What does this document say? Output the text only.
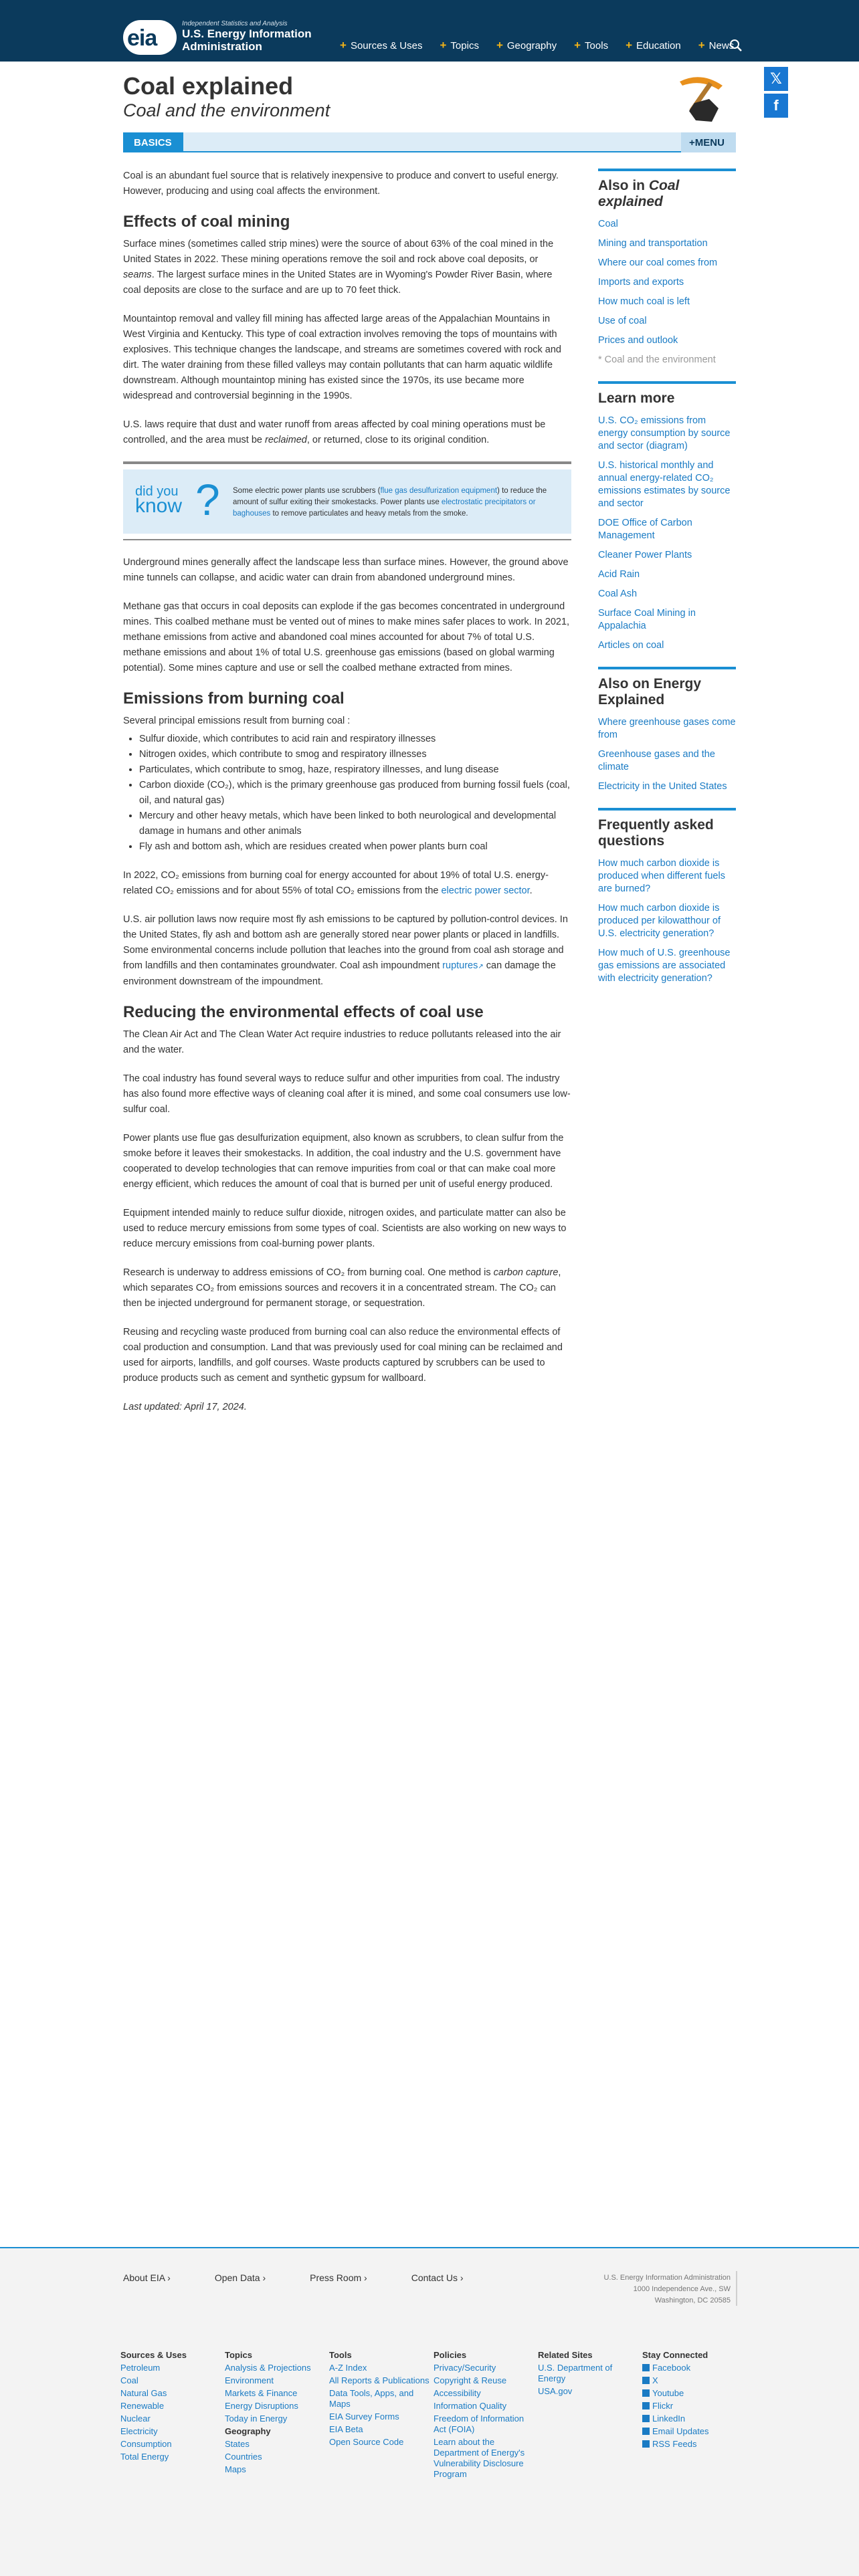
eia
Independent Statistics and Analysis
U.S. Energy Information
Administration	+ Sources & Uses + Topics + Geography + Tools + Education + News
Coal explained
Coal and the environment
𝕏
f
BASICS	+MENU

Coal is an abundant fuel source that is relatively inexpensive to produce and convert to useful energy. However, producing and using coal affects the environment.

Effects of coal mining

Surface mines (sometimes called strip mines) were the source of about 63% of the coal mined in the United States in 2022. These mining operations remove the soil and rock above coal deposits, or seams. The largest surface mines in the United States are in Wyoming's Powder River Basin, where coal deposits are close to the surface and are up to 70 feet thick.

Mountaintop removal and valley fill mining has affected large areas of the Appalachian Mountains in West Virginia and Kentucky. This type of coal extraction involves removing the tops of mountains with explosives. This technique changes the landscape, and streams are sometimes covered with rock and dirt. The water draining from these filled valleys may contain pollutants that can harm aquatic wildlife downstream. Although mountaintop mining has existed since the 1970s, its use became more widespread and controversial beginning in the 1990s.

U.S. laws require that dust and water runoff from areas affected by coal mining operations must be controlled, and the area must be reclaimed, or returned, close to its original condition.

did you
know ? Some electric power plants use scrubbers (flue gas desulfurization equipment) to reduce the amount of sulfur exiting their smokestacks. Power plants use electrostatic precipitators or baghouses to remove particulates and heavy metals from the smoke.

Underground mines generally affect the landscape less than surface mines. However, the ground above mine tunnels can collapse, and acidic water can drain from abandoned underground mines.

Methane gas that occurs in coal deposits can explode if the gas becomes concentrated in underground mines. This coalbed methane must be vented out of mines to make mines safer places to work. In 2021, methane emissions from active and abandoned coal mines accounted for about 7% of total U.S. methane emissions and about 1% of total U.S. greenhouse gas emissions (based on global warming potential). Some mines capture and use or sell the coalbed methane extracted from mines.

Emissions from burning coal

Several principal emissions result from burning coal :

• Sulfur dioxide, which contributes to acid rain and respiratory illnesses
• Nitrogen oxides, which contribute to smog and respiratory illnesses
• Particulates, which contribute to smog, haze, respiratory illnesses, and lung disease
• Carbon dioxide (CO₂), which is the primary greenhouse gas produced from burning fossil fuels (coal, oil, and natural gas)
• Mercury and other heavy metals, which have been linked to both neurological and developmental damage in humans and other animals
• Fly ash and bottom ash, which are residues created when power plants burn coal

In 2022, CO₂ emissions from burning coal for energy accounted for about 19% of total U.S. energy-related CO₂ emissions and for about 55% of total CO₂ emissions from the electric power sector.

U.S. air pollution laws now require most fly ash emissions to be captured by pollution-control devices. In the United States, fly ash and bottom ash are generally stored near power plants or placed in landfills. Some environmental concerns include pollution that leaches into the ground from coal ash storage and from landfills and then contaminates groundwater. Coal ash impoundment ruptures↗ can damage the environment downstream of the impoundment.

Reducing the environmental effects of coal use

The Clean Air Act and The Clean Water Act require industries to reduce pollutants released into the air and the water.

The coal industry has found several ways to reduce sulfur and other impurities from coal. The industry has also found more effective ways of cleaning coal after it is mined, and some coal consumers use low-sulfur coal.

Power plants use flue gas desulfurization equipment, also known as scrubbers, to clean sulfur from the smoke before it leaves their smokestacks. In addition, the coal industry and the U.S. government have cooperated to develop technologies that can remove impurities from coal or that can make coal more energy efficient, which reduces the amount of coal that is burned per unit of useful energy produced.

Equipment intended mainly to reduce sulfur dioxide, nitrogen oxides, and particulate matter can also be used to reduce mercury emissions from some types of coal. Scientists are also working on new ways to reduce mercury emissions from coal-burning power plants.

Research is underway to address emissions of CO₂ from burning coal. One method is carbon capture, which separates CO₂ from emissions sources and recovers it in a concentrated stream. The CO₂ can then be injected underground for permanent storage, or sequestration.

Reusing and recycling waste produced from burning coal can also reduce the environmental effects of coal production and consumption. Land that was previously used for coal mining can be reclaimed and used for airports, landfills, and golf courses. Waste products captured by scrubbers can be used to produce products such as cement and synthetic gypsum for wallboard.

Last updated: April 17, 2024.

Also in Coal explained
Coal
Mining and transportation
Where our coal comes from
Imports and exports
How much coal is left
Use of coal
Prices and outlook
* Coal and the environment
Learn more
U.S. CO₂ emissions from energy consumption by source and sector (diagram)
U.S. historical monthly and annual energy-related CO₂ emissions estimates by source and sector
DOE Office of Carbon Management
Cleaner Power Plants
Acid Rain
Coal Ash
Surface Coal Mining in Appalachia
Articles on coal
Also on Energy Explained
Where greenhouse gases come from
Greenhouse gases and the climate
Electricity in the United States
Frequently asked questions
How much carbon dioxide is produced when different fuels are burned?
How much carbon dioxide is produced per kilowatthour of U.S. electricity generation?
How much of U.S. greenhouse gas emissions are associated with electricity generation?
About EIA ›	Open Data ›	Press Room ›	Contact Us ›	U.S. Energy Information Administration
1000 Independence Ave., SW
Washington, DC 20585
Sources & Uses
Petroleum
Coal
Natural Gas
Renewable
Nuclear
Electricity
Consumption
Total Energy
Topics
Analysis & Projections
Environment
Markets & Finance
Energy Disruptions
Today in Energy
Geography
States
Countries
Maps
Tools
A-Z Index
All Reports & Publications
Data Tools, Apps, and Maps
EIA Survey Forms
EIA Beta
Open Source Code
Policies
Privacy/Security
Copyright & Reuse
Accessibility
Information Quality
Freedom of Information Act (FOIA)
Learn about the Department of Energy's Vulnerability Disclosure Program
Related Sites
U.S. Department of Energy
USA.gov
Stay Connected
Facebook
X
Youtube
Flickr
LinkedIn
Email Updates
RSS Feeds
